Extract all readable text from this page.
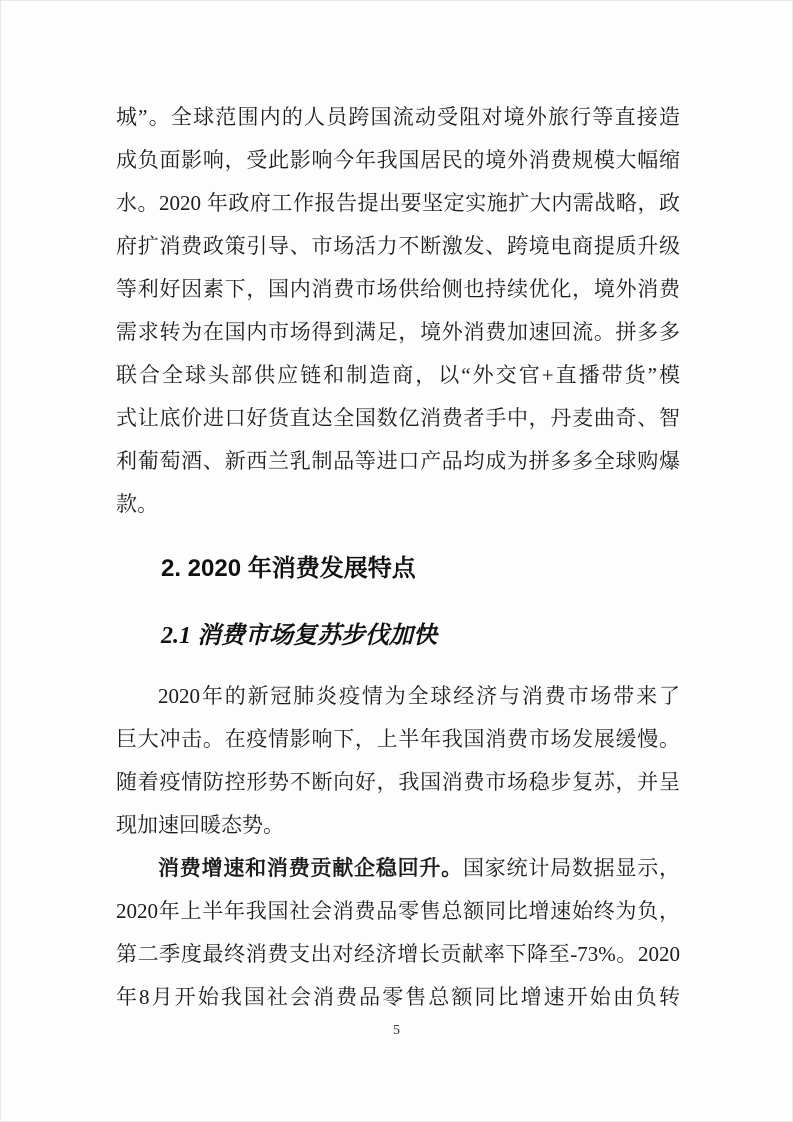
城”。全球范围内的人员跨国流动受阻对境外旅行等直接造

成负面影响，受此影响今年我国居民的境外消费规模大幅缩

水。2020 年政府工作报告提出要坚定实施扩大内需战略，政

府扩消费政策引导、市场活力不断激发、跨境电商提质升级

等利好因素下，国内消费市场供给侧也持续优化，境外消费

需求转为在国内市场得到满足，境外消费加速回流。拼多多

联合全球头部供应链和制造商，以“外交官+直播带货”模

式让底价进口好货直达全国数亿消费者手中，丹麦曲奇、智

利葡萄酒、新西兰乳制品等进口产品均成为拼多多全球购爆

款。

2. 2020 年消费发展特点
2.1 消费市场复苏步伐加快

2020年的新冠肺炎疫情为全球经济与消费市场带来了

巨大冲击。在疫情影响下，上半年我国消费市场发展缓慢。

随着疫情防控形势不断向好，我国消费市场稳步复苏，并呈

现加速回暖态势。

消费增速和消费贡献企稳回升。国家统计局数据显示，

2020年上半年我国社会消费品零售总额同比增速始终为负，

第二季度最终消费支出对经济增长贡献率下降至-73%。2020

年8月开始我国社会消费品零售总额同比增速开始由负转

5
